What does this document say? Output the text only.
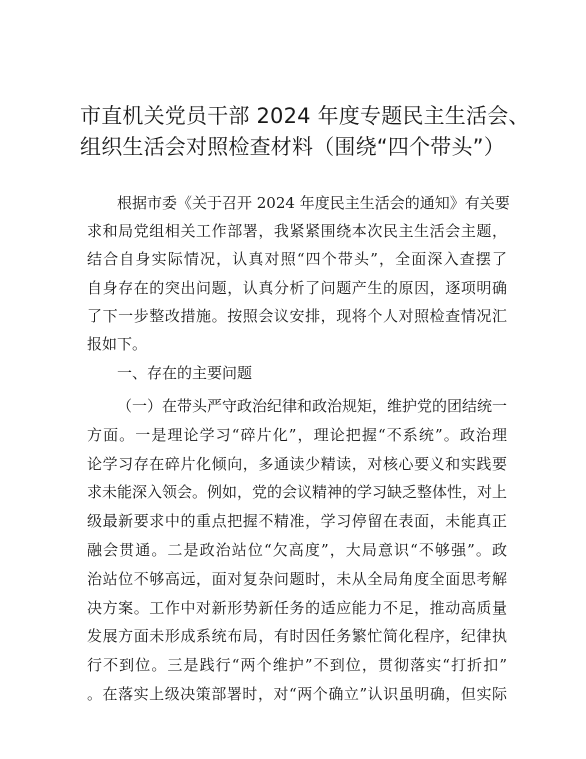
市直机关党员干部 2024 年度专题民主生活会、
组织生活会对照检查材料（围绕“四个带头”）
根据市委《关于召开 2024 年度民主生活会的通知》有关要
求和局党组相关工作部署，我紧紧围绕本次民主生活会主题，
结合自身实际情况，认真对照“四个带头”，全面深入查摆了
自身存在的突出问题，认真分析了问题产生的原因，逐项明确
了下一步整改措施。按照会议安排，现将个人对照检查情况汇
报如下。
一、存在的主要问题
（一）在带头严守政治纪律和政治规矩，维护党的团结统一
方面。一是理论学习“碎片化”，理论把握“不系统”。政治理
论学习存在碎片化倾向，多通读少精读，对核心要义和实践要
求未能深入领会。例如，党的会议精神的学习缺乏整体性，对上
级最新要求中的重点把握不精准，学习停留在表面，未能真正
融会贯通。二是政治站位“欠高度”，大局意识“不够强”。政
治站位不够高远，面对复杂问题时，未从全局角度全面思考解
决方案。工作中对新形势新任务的适应能力不足，推动高质量
发展方面未形成系统布局，有时因任务繁忙简化程序，纪律执
行不到位。三是践行“两个维护”不到位，贯彻落实“打折扣”
。在落实上级决策部署时，对“两个确立”认识虽明确，但实际
